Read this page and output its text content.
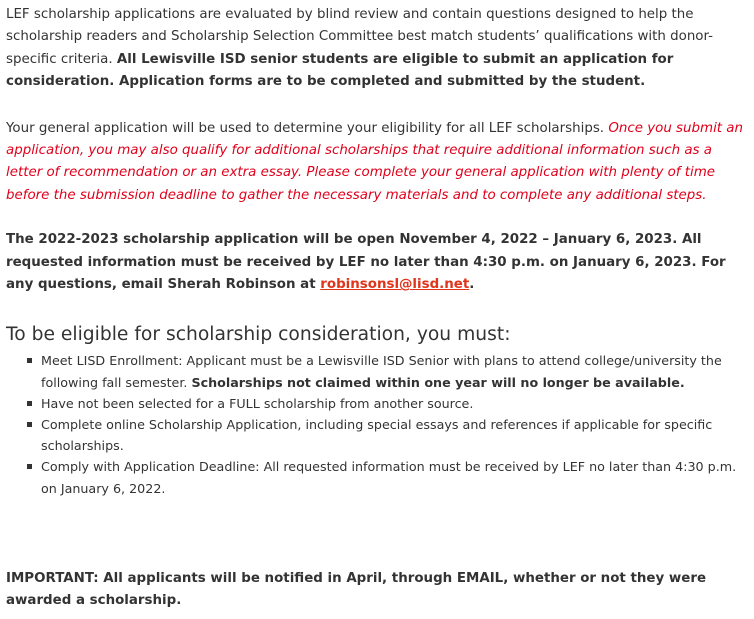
LEF scholarship applications are evaluated by blind review and contain questions designed to help the scholarship readers and Scholarship Selection Committee best match students’ qualifications with donor-specific criteria. All Lewisville ISD senior students are eligible to submit an application for consideration. Application forms are to be completed and submitted by the student.

Your general application will be used to determine your eligibility for all LEF scholarships. Once you submit an application, you may also qualify for additional scholarships that require additional information such as a letter of recommendation or an extra essay. Please complete your general application with plenty of time before the submission deadline to gather the necessary materials and to complete any additional steps.

The 2022-2023 scholarship application will be open November 4, 2022 – January 6, 2023. All requested information must be received by LEF no later than 4:30 p.m. on January 6, 2023. For any questions, email Sherah Robinson at robinsonsl@lisd.net.

To be eligible for scholarship consideration, you must:
Meet LISD Enrollment: Applicant must be a Lewisville ISD Senior with plans to attend college/university the following fall semester. Scholarships not claimed within one year will no longer be available.
Have not been selected for a FULL scholarship from another source.
Complete online Scholarship Application, including special essays and references if applicable for specific scholarships.
Comply with Application Deadline: All requested information must be received by LEF no later than 4:30 p.m. on January 6, 2022.

IMPORTANT: All applicants will be notified in April, through EMAIL, whether or not they were awarded a scholarship.
